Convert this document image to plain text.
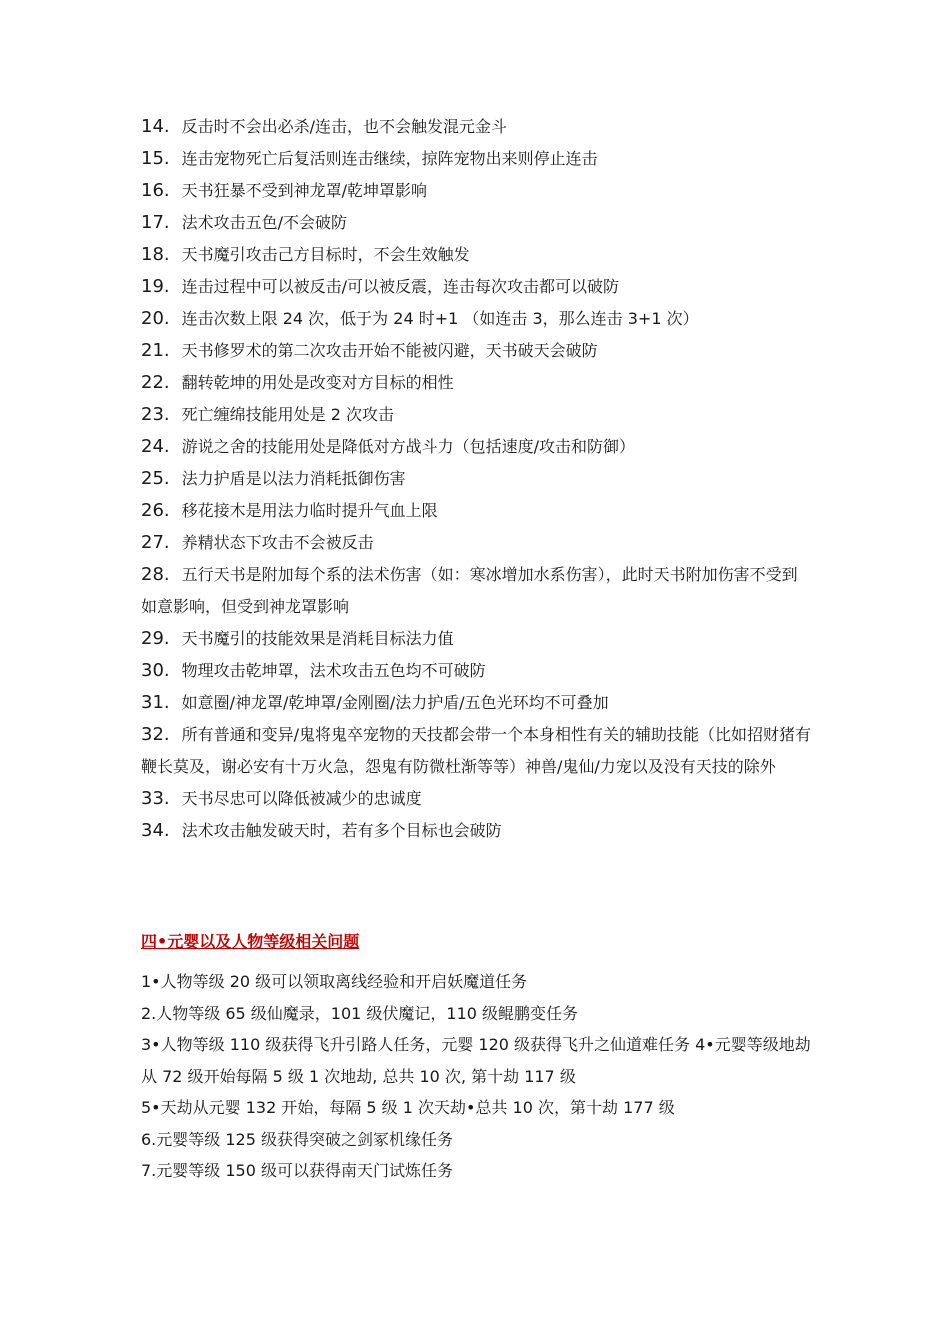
14. 反击时不会出必杀/连击，也不会触发混元金斗

15. 连击宠物死亡后复活则连击继续，掠阵宠物出来则停止连击

16. 天书狂暴不受到神龙罩/乾坤罩影响

17. 法术攻击五色/不会破防

18. 天书魔引攻击己方目标时，不会生效触发

19. 连击过程中可以被反击/可以被反震，连击每次攻击都可以破防

20. 连击次数上限 24 次，低于为 24 时+1 （如连击 3，那么连击 3+1 次）

21. 天书修罗术的第二次攻击开始不能被闪避，天书破天会破防

22. 翻转乾坤的用处是改变对方目标的相性

23. 死亡缠绵技能用处是 2 次攻击

24. 游说之舍的技能用处是降低对方战斗力（包括速度/攻击和防御）

25. 法力护盾是以法力消耗抵御伤害

26. 移花接木是用法力临时提升气血上限

27. 养精状态下攻击不会被反击

28. 五行天书是附加每个系的法术伤害（如：寒冰增加水系伤害），此时天书附加伤害不受到如意影响，但受到神龙罩影响

29. 天书魔引的技能效果是消耗目标法力值

30. 物理攻击乾坤罩，法术攻击五色均不可破防

31. 如意圈/神龙罩/乾坤罩/金刚圈/法力护盾/五色光环均不可叠加

32. 所有普通和变异/鬼将鬼卒宠物的天技都会带一个本身相性有关的辅助技能（比如招财猪有鞭长莫及，谢必安有十万火急，怨鬼有防微杜渐等等）神兽/鬼仙/力宠以及没有天技的除外

33. 天书尽忠可以降低被减少的忠诚度

34. 法术攻击触发破天时，若有多个目标也会破防

四•元婴以及人物等级相关问题

1•人物等级 20 级可以领取离线经验和开启妖魔道任务

2.人物等级 65 级仙魔录，101 级伏魔记，110 级鲲鹏变任务

3•人物等级 110 级获得飞升引路人任务，元婴 120 级获得飞升之仙道难任务 4•元婴等级地劫从 72 级开始每隔 5 级 1 次地劫, 总共 10 次, 第十劫 117 级

5•天劫从元婴 132 开始，每隔 5 级 1 次天劫•总共 10 次，第十劫 177 级

6.元婴等级 125 级获得突破之剑冢机缘任务

7.元婴等级 150 级可以获得南天门试炼任务
